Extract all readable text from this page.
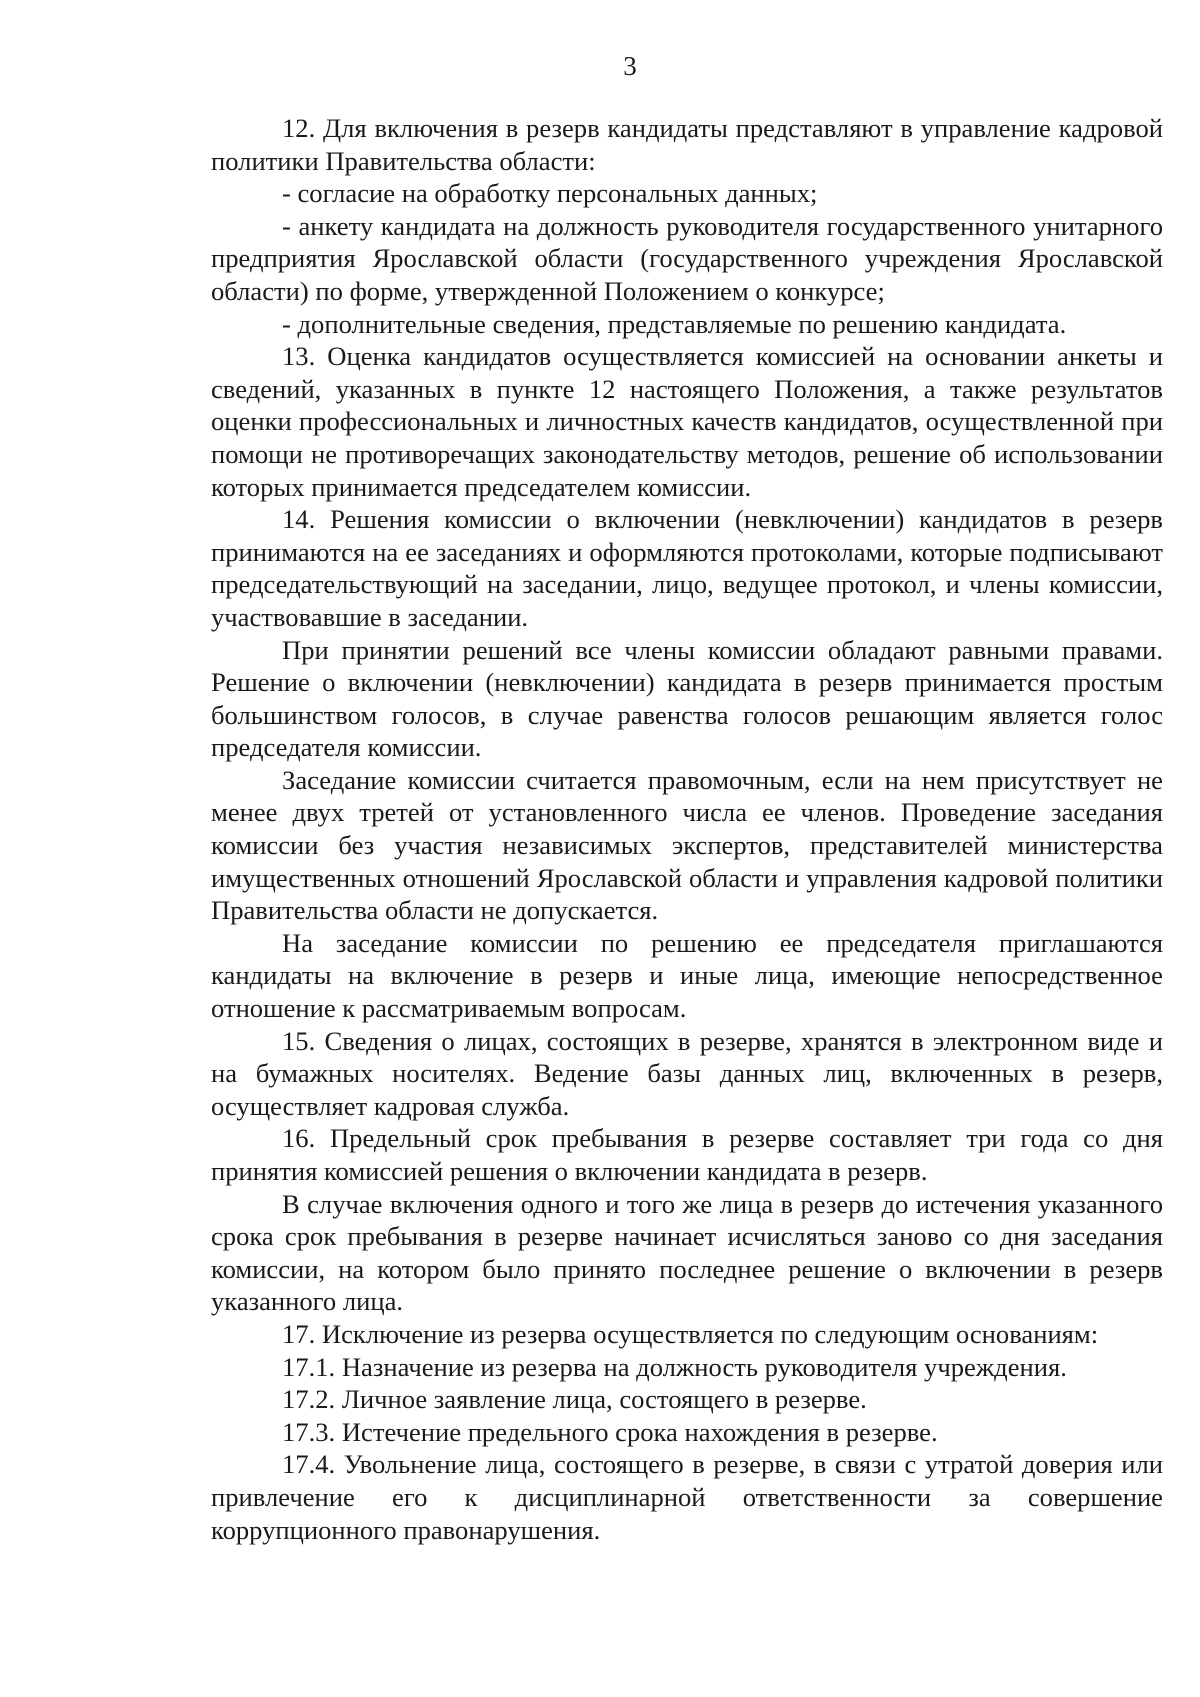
3

12. Для включения в резерв кандидаты представляют в управление кадровой политики Правительства области:

- согласие на обработку персональных данных;

- анкету кандидата на должность руководителя государственного унитарного предприятия Ярославской области (государственного учреждения Ярославской области) по форме, утвержденной Положением о конкурсе;

- дополнительные сведения, представляемые по решению кандидата.

13. Оценка кандидатов осуществляется комиссией на основании анкеты и сведений, указанных в пункте 12 настоящего Положения, а также результатов оценки профессиональных и личностных качеств кандидатов, осуществленной при помощи не противоречащих законодательству методов, решение об использовании которых принимается председателем комиссии.

14. Решения комиссии о включении (невключении) кандидатов в резерв принимаются на ее заседаниях и оформляются протоколами, которые подписывают председательствующий на заседании, лицо, ведущее протокол, и члены комиссии, участвовавшие в заседании.

При принятии решений все члены комиссии обладают равными правами. Решение о включении (невключении) кандидата в резерв принимается простым большинством голосов, в случае равенства голосов решающим является голос председателя комиссии.

Заседание комиссии считается правомочным, если на нем присутствует не менее двух третей от установленного числа ее членов. Проведение заседания комиссии без участия независимых экспертов, представителей министерства имущественных отношений Ярославской области и управления кадровой политики Правительства области не допускается.

На заседание комиссии по решению ее председателя приглашаются кандидаты на включение в резерв и иные лица, имеющие непосредственное отношение к рассматриваемым вопросам.

15. Сведения о лицах, состоящих в резерве, хранятся в электронном виде и на бумажных носителях. Ведение базы данных лиц, включенных в резерв, осуществляет кадровая служба.

16. Предельный срок пребывания в резерве составляет три года со дня принятия комиссией решения о включении кандидата в резерв.

В случае включения одного и того же лица в резерв до истечения указанного срока срок пребывания в резерве начинает исчисляться заново со дня заседания комиссии, на котором было принято последнее решение о включении в резерв указанного лица.

17. Исключение из резерва осуществляется по следующим основаниям:

17.1. Назначение из резерва на должность руководителя учреждения.

17.2. Личное заявление лица, состоящего в резерве.

17.3. Истечение предельного срока нахождения в резерве.

17.4. Увольнение лица, состоящего в резерве, в связи с утратой доверия или привлечение его к дисциплинарной ответственности за совершение коррупционного правонарушения.
